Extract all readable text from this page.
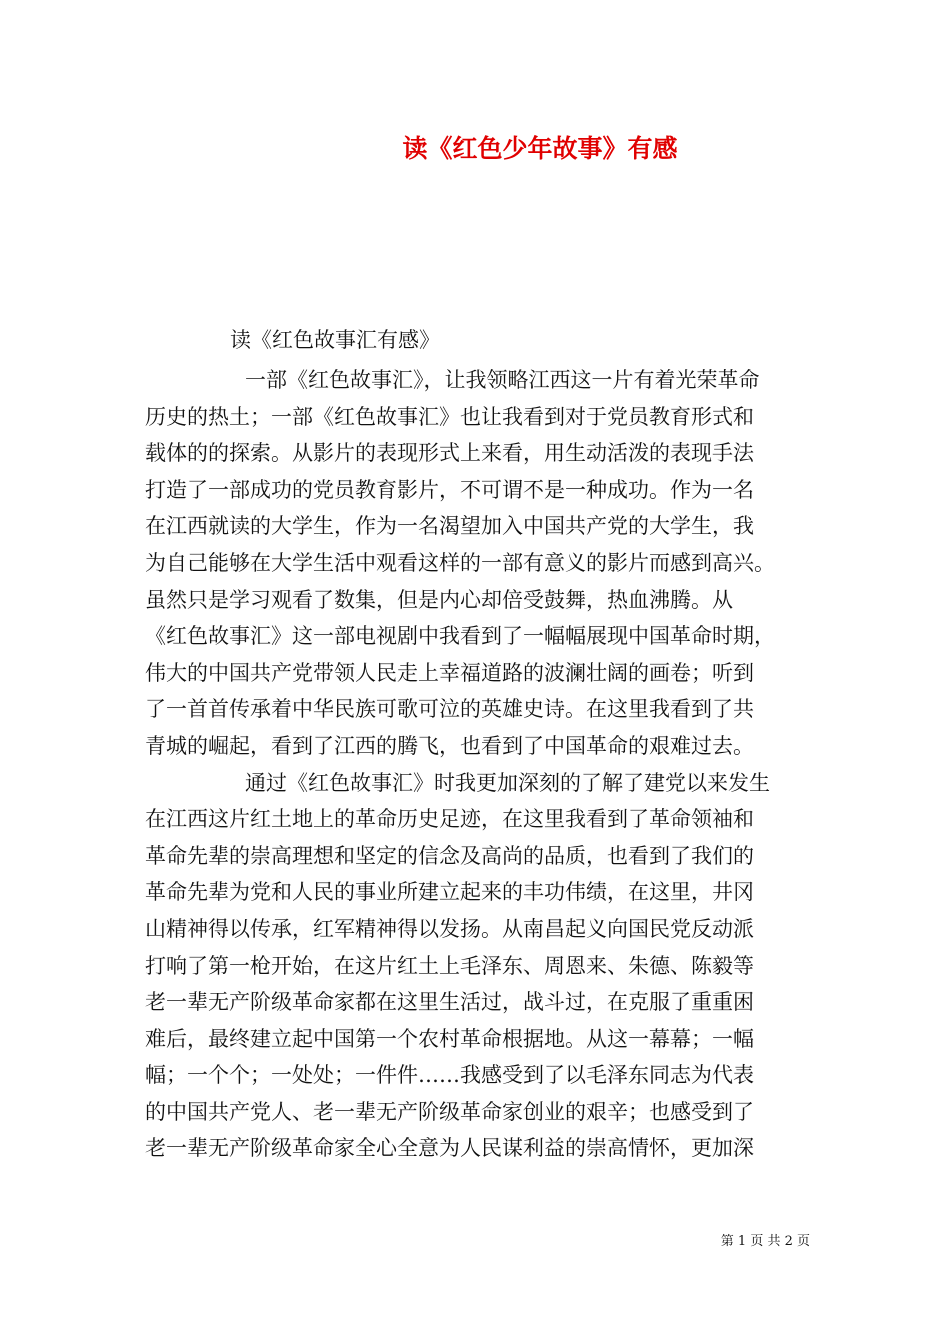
读《红色少年故事》有感
读《红色故事汇有感》
一部《红色故事汇》，让我领略江西这一片有着光荣革命
历史的热土；一部《红色故事汇》也让我看到对于党员教育形式和
载体的的探索。从影片的表现形式上来看，用生动活泼的表现手法
打造了一部成功的党员教育影片，不可谓不是一种成功。作为一名
在江西就读的大学生，作为一名渴望加入中国共产党的大学生，我
为自己能够在大学生活中观看这样的一部有意义的影片而感到高兴。
虽然只是学习观看了数集，但是内心却倍受鼓舞，热血沸腾。从
《红色故事汇》这一部电视剧中我看到了一幅幅展现中国革命时期，
伟大的中国共产党带领人民走上幸福道路的波澜壮阔的画卷；听到
了一首首传承着中华民族可歌可泣的英雄史诗。在这里我看到了共
青城的崛起，看到了江西的腾飞，也看到了中国革命的艰难过去。
通过《红色故事汇》时我更加深刻的了解了建党以来发生
在江西这片红土地上的革命历史足迹，在这里我看到了革命领袖和
革命先辈的崇高理想和坚定的信念及高尚的品质，也看到了我们的
革命先辈为党和人民的事业所建立起来的丰功伟绩，在这里，井冈
山精神得以传承，红军精神得以发扬。从南昌起义向国民党反动派
打响了第一枪开始，在这片红土上毛泽东、周恩来、朱德、陈毅等
老一辈无产阶级革命家都在这里生活过，战斗过，在克服了重重困
难后，最终建立起中国第一个农村革命根据地。从这一幕幕；一幅
幅；一个个；一处处；一件件……我感受到了以毛泽东同志为代表
的中国共产党人、老一辈无产阶级革命家创业的艰辛；也感受到了
老一辈无产阶级革命家全心全意为人民谋利益的崇高情怀，更加深
第 1 页 共 2 页
